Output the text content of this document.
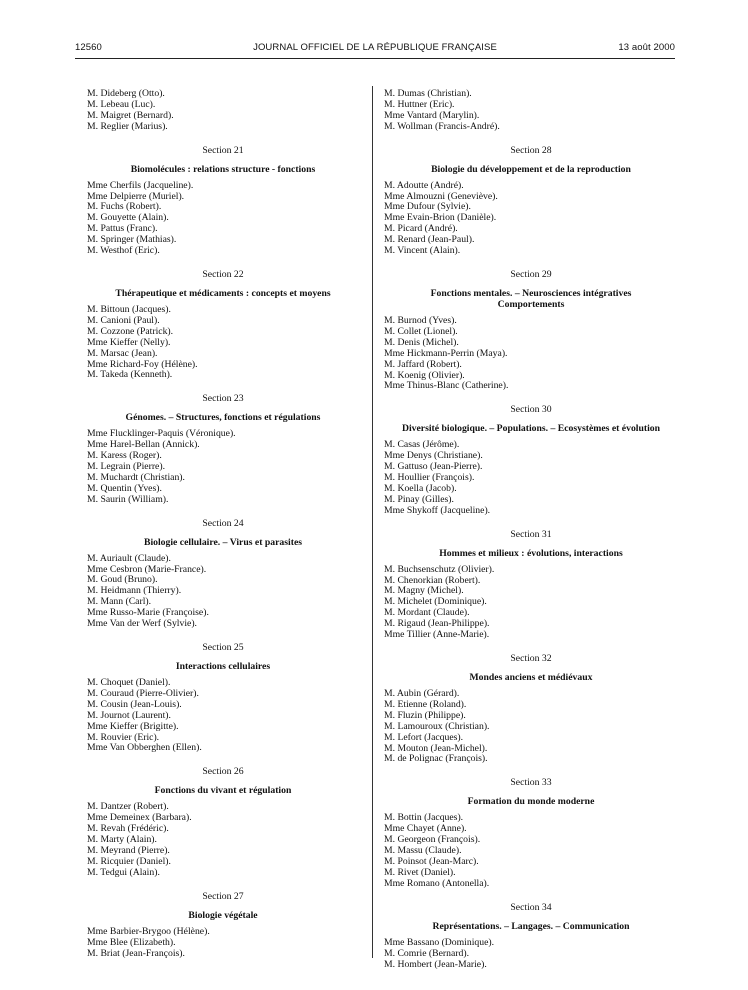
12560	JOURNAL OFFICIEL DE LA RÉPUBLIQUE FRANÇAISE	13 août 2000
M. Dideberg (Otto).
M. Lebeau (Luc).
M. Maigret (Bernard).
M. Reglier (Marius).
Section 21
Biomolécules : relations structure - fonctions
Mme Cherfils (Jacqueline).
Mme Delpierre (Muriel).
M. Fuchs (Robert).
M. Gouyette (Alain).
M. Pattus (Franc).
M. Springer (Mathias).
M. Westhof (Eric).
Section 22
Thérapeutique et médicaments : concepts et moyens
M. Bittoun (Jacques).
M. Canioni (Paul).
M. Cozzone (Patrick).
Mme Kieffer (Nelly).
M. Marsac (Jean).
Mme Richard-Foy (Hélène).
M. Takeda (Kenneth).
Section 23
Génomes. – Structures, fonctions et régulations
Mme Flucklinger-Paquis (Véronique).
Mme Harel-Bellan (Annick).
M. Karess (Roger).
M. Legrain (Pierre).
M. Muchardt (Christian).
M. Quentin (Yves).
M. Saurin (William).
Section 24
Biologie cellulaire. – Virus et parasites
M. Auriault (Claude).
Mme Cesbron (Marie-France).
M. Goud (Bruno).
M. Heidmann (Thierry).
M. Mann (Carl).
Mme Russo-Marie (Françoise).
Mme Van der Werf (Sylvie).
Section 25
Interactions cellulaires
M. Choquet (Daniel).
M. Couraud (Pierre-Olivier).
M. Cousin (Jean-Louis).
M. Journot (Laurent).
Mme Kieffer (Brigitte).
M. Rouvier (Eric).
Mme Van Obberghen (Ellen).
Section 26
Fonctions du vivant et régulation
M. Dantzer (Robert).
Mme Demeinex (Barbara).
M. Revah (Frédéric).
M. Marty (Alain).
M. Meyrand (Pierre).
M. Ricquier (Daniel).
M. Tedgui (Alain).
Section 27
Biologie végétale
Mme Barbier-Brygoo (Hélène).
Mme Blee (Elizabeth).
M. Briat (Jean-François).
M. Dumas (Christian).
M. Huttner (Eric).
Mme Vantard (Marylin).
M. Wollman (Francis-André).
Section 28
Biologie du développement et de la reproduction
M. Adoutte (André).
Mme Almouzni (Geneviève).
Mme Dufour (Sylvie).
Mme Evain-Brion (Danièle).
M. Picard (André).
M. Renard (Jean-Paul).
M. Vincent (Alain).
Section 29
Fonctions mentales. – Neurosciences intégratives
Comportements
M. Burnod (Yves).
M. Collet (Lionel).
M. Denis (Michel).
Mme Hickmann-Perrin (Maya).
M. Jaffard (Robert).
M. Koenig (Olivier).
Mme Thinus-Blanc (Catherine).
Section 30
Diversité biologique. – Populations. – Ecosystèmes et évolution
M. Casas (Jérôme).
Mme Denys (Christiane).
M. Gattuso (Jean-Pierre).
M. Houllier (François).
M. Koella (Jacob).
M. Pinay (Gilles).
Mme Shykoff (Jacqueline).
Section 31
Hommes et milieux : évolutions, interactions
M. Buchsenschutz (Olivier).
M. Chenorkian (Robert).
M. Magny (Michel).
M. Michelet (Dominique).
M. Mordant (Claude).
M. Rigaud (Jean-Philippe).
Mme Tillier (Anne-Marie).
Section 32
Mondes anciens et médiévaux
M. Aubin (Gérard).
M. Etienne (Roland).
M. Fluzin (Philippe).
M. Lamouroux (Christian).
M. Lefort (Jacques).
M. Mouton (Jean-Michel).
M. de Polignac (François).
Section 33
Formation du monde moderne
M. Bottin (Jacques).
Mme Chayet (Anne).
M. Georgeon (François).
M. Massu (Claude).
M. Poinsot (Jean-Marc).
M. Rivet (Daniel).
Mme Romano (Antonella).
Section 34
Représentations. – Langages. – Communication
Mme Bassano (Dominique).
M. Comrie (Bernard).
M. Hombert (Jean-Marie).
